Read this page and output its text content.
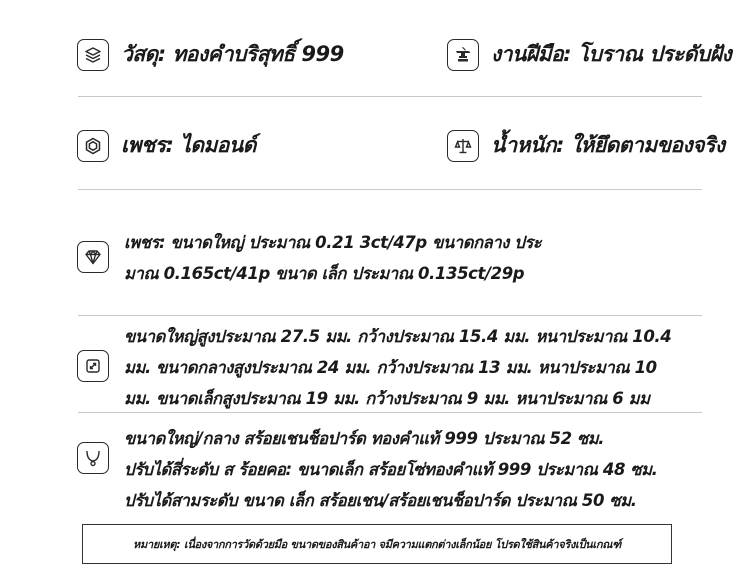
วัสดุ: ทองคำบริสุทธิ์ 999	งานฝีมือ: โบราณ ประดับฝัง
เพชร: ไดมอนด์	น้ำหนัก: ให้ยึดตามของจริง
เพชร: ขนาดใหญ่ ประมาณ 0.21 3ct/47p ขนาดกลาง ประ
มาณ 0.165ct/41p ขนาด เล็ก ประมาณ 0.135ct/29p
ขนาดใหญ่สูงประมาณ 27.5 มม. กว้างประมาณ 15.4 มม. หนาประมาณ 10.4
มม. ขนาดกลางสูงประมาณ 24 มม. กว้างประมาณ 13 มม. หนาประมาณ 10
มม. ขนาดเล็กสูงประมาณ 19 มม. กว้างประมาณ 9 มม. หนาประมาณ 6 มม
ขนาดใหญ่/กลาง สร้อยเชนช็อปาร์ด ทองคำแท้ 999 ประมาณ 52 ซม.
ปรับได้สี่ระดับ ส ร้อยคอ: ขนาดเล็ก สร้อยโซ่ทองคำแท้ 999 ประมาณ 48 ซม.
ปรับได้สามระดับ ขนาด เล็ก สร้อยเชน/สร้อยเชนช็อปาร์ด ประมาณ 50 ซม.
หมายเหตุ: เนื่องจากการวัดด้วยมือ ขนาดของสินค้าอา จมีความแตกต่างเล็กน้อย โปรดใช้สินค้าจริงเป็นเกณฑ์
